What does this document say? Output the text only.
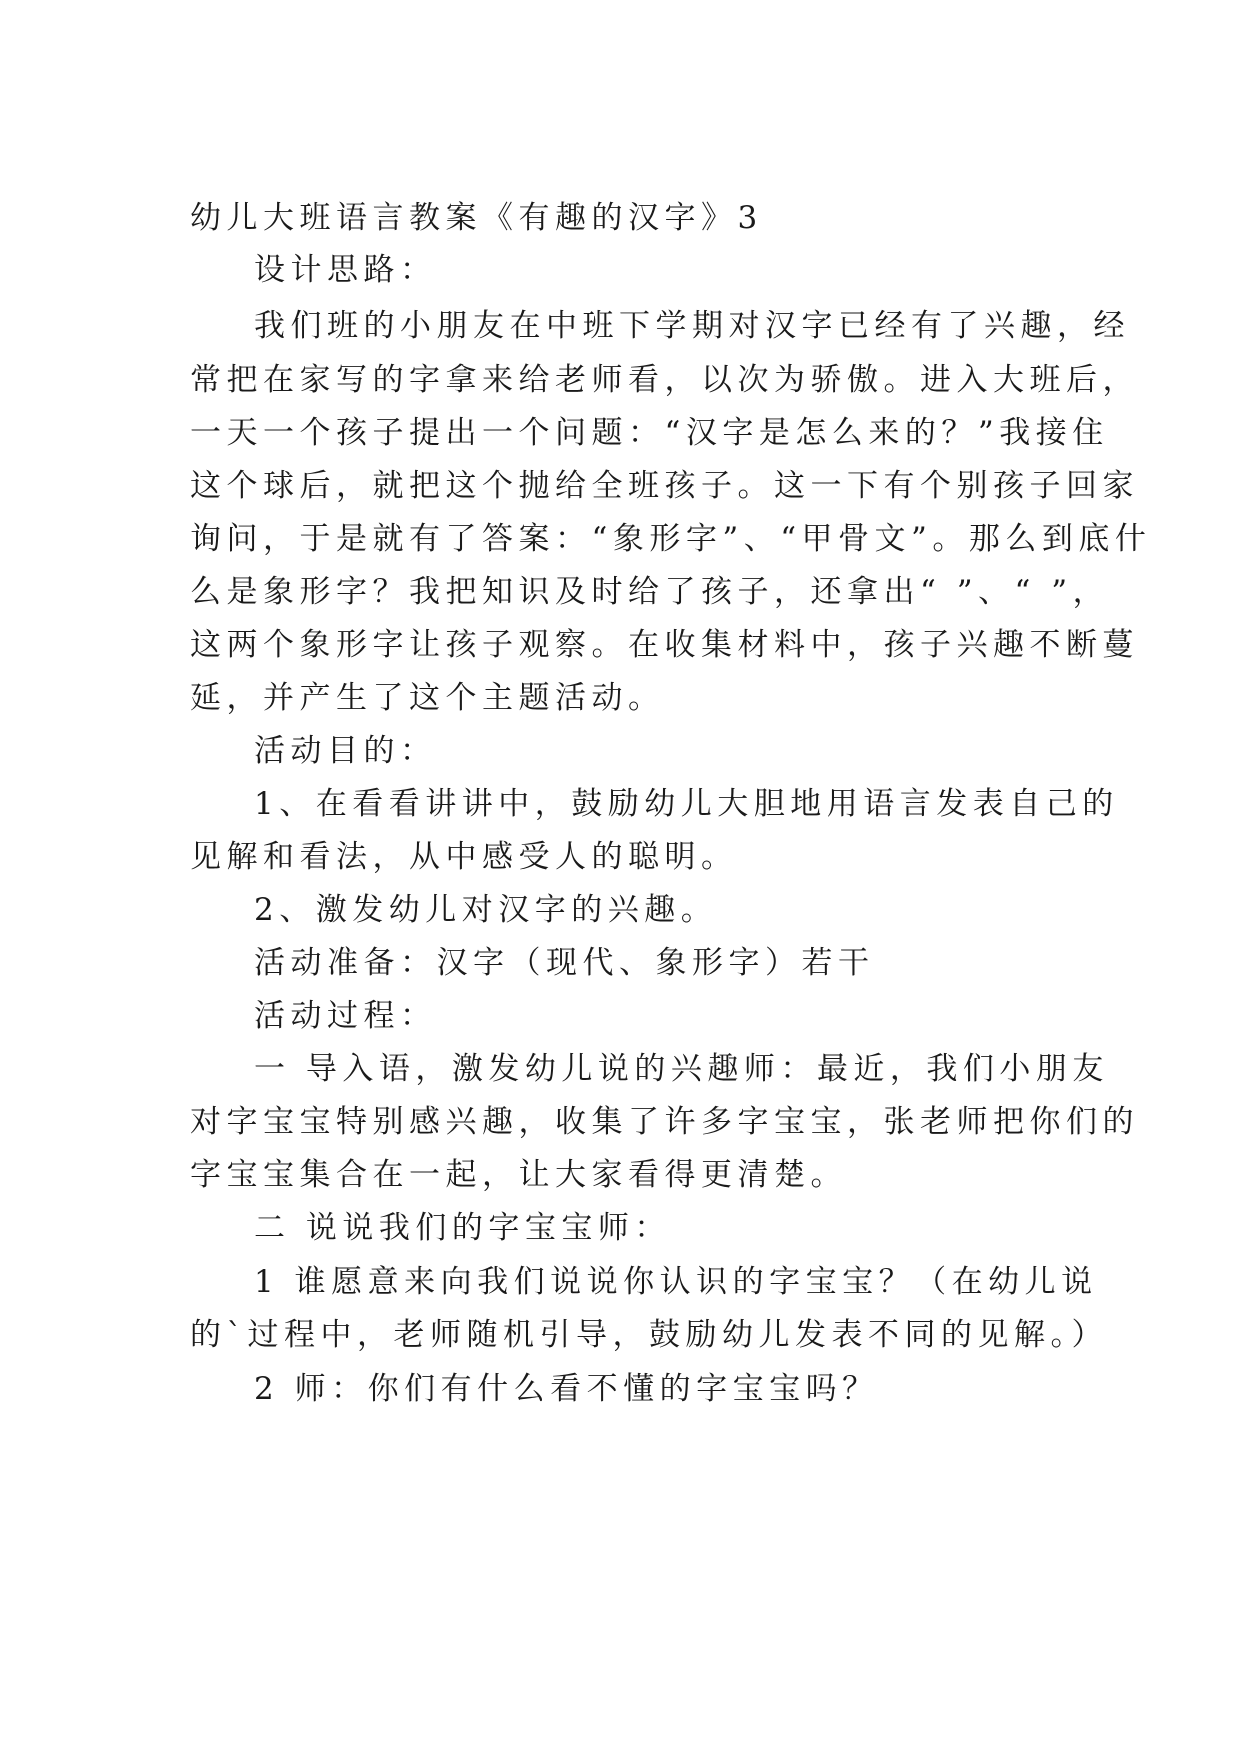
幼儿大班语言教案《有趣的汉字》3
设计思路：
我们班的小朋友在中班下学期对汉字已经有了兴趣，经
常把在家写的字拿来给老师看，以次为骄傲。进入大班后，
一天一个孩子提出一个问题：“汉字是怎么来的？”我接住
这个球后，就把这个抛给全班孩子。这一下有个别孩子回家
询问，于是就有了答案：“象形字”、“甲骨文”。那么到底什
么是象形字？我把知识及时给了孩子，还拿出“ ”、“ ”，
这两个象形字让孩子观察。在收集材料中，孩子兴趣不断蔓
延，并产生了这个主题活动。
活动目的：
1、在看看讲讲中，鼓励幼儿大胆地用语言发表自己的
见解和看法，从中感受人的聪明。
2、激发幼儿对汉字的兴趣。
活动准备：汉字（现代、象形字）若干
活动过程：
一 导入语，激发幼儿说的兴趣师：最近，我们小朋友
对字宝宝特别感兴趣，收集了许多字宝宝，张老师把你们的
字宝宝集合在一起，让大家看得更清楚。
二 说说我们的字宝宝师：
1 谁愿意来向我们说说你认识的字宝宝？（在幼儿说
的`过程中，老师随机引导，鼓励幼儿发表不同的见解。）
2 师：你们有什么看不懂的字宝宝吗？
